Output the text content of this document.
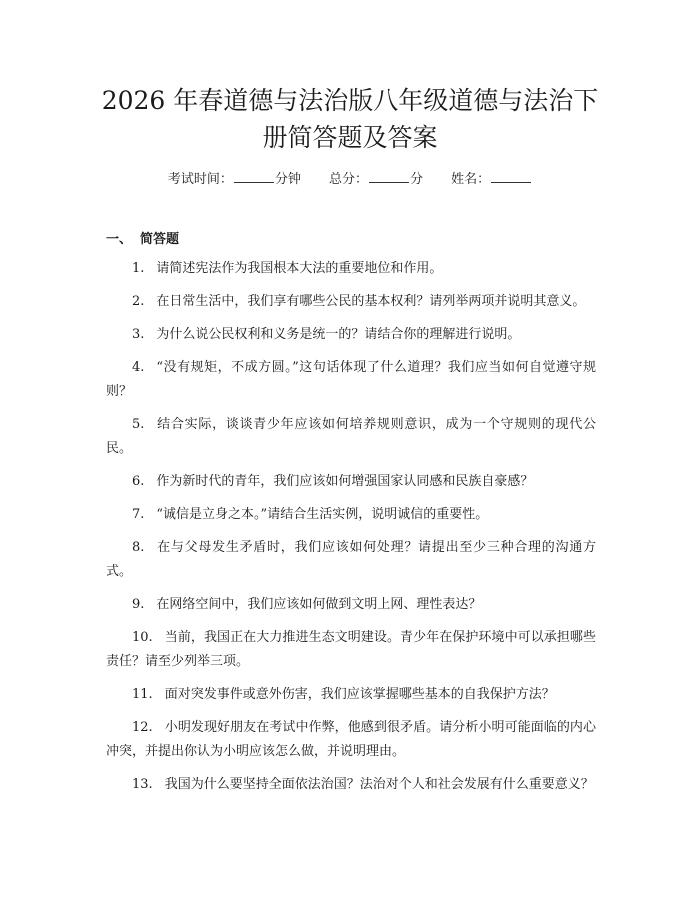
2026 年春道德与法治版八年级道德与法治下
册简答题及答案
考试时间：	分钟 总分：	分 姓名：
一、 简答题
1. 请简述宪法作为我国根本大法的重要地位和作用。
2. 在日常生活中，我们享有哪些公民的基本权利？请列举两项并说明其意义。
3. 为什么说公民权利和义务是统一的？请结合你的理解进行说明。
4. “没有规矩，不成方圆。”这句话体现了什么道理？我们应当如何自觉遵守规则？
5. 结合实际，谈谈青少年应该如何培养规则意识，成为一个守规则的现代公民。
6. 作为新时代的青年，我们应该如何增强国家认同感和民族自豪感？
7. “诚信是立身之本。”请结合生活实例，说明诚信的重要性。
8. 在与父母发生矛盾时，我们应该如何处理？请提出至少三种合理的沟通方式。
9. 在网络空间中，我们应该如何做到文明上网、理性表达？
10. 当前，我国正在大力推进生态文明建设。青少年在保护环境中可以承担哪些责任？请至少列举三项。
11. 面对突发事件或意外伤害，我们应该掌握哪些基本的自我保护方法？
12. 小明发现好朋友在考试中作弊，他感到很矛盾。请分析小明可能面临的内心冲突，并提出你认为小明应该怎么做，并说明理由。
13. 我国为什么要坚持全面依法治国？法治对个人和社会发展有什么重要意义？
